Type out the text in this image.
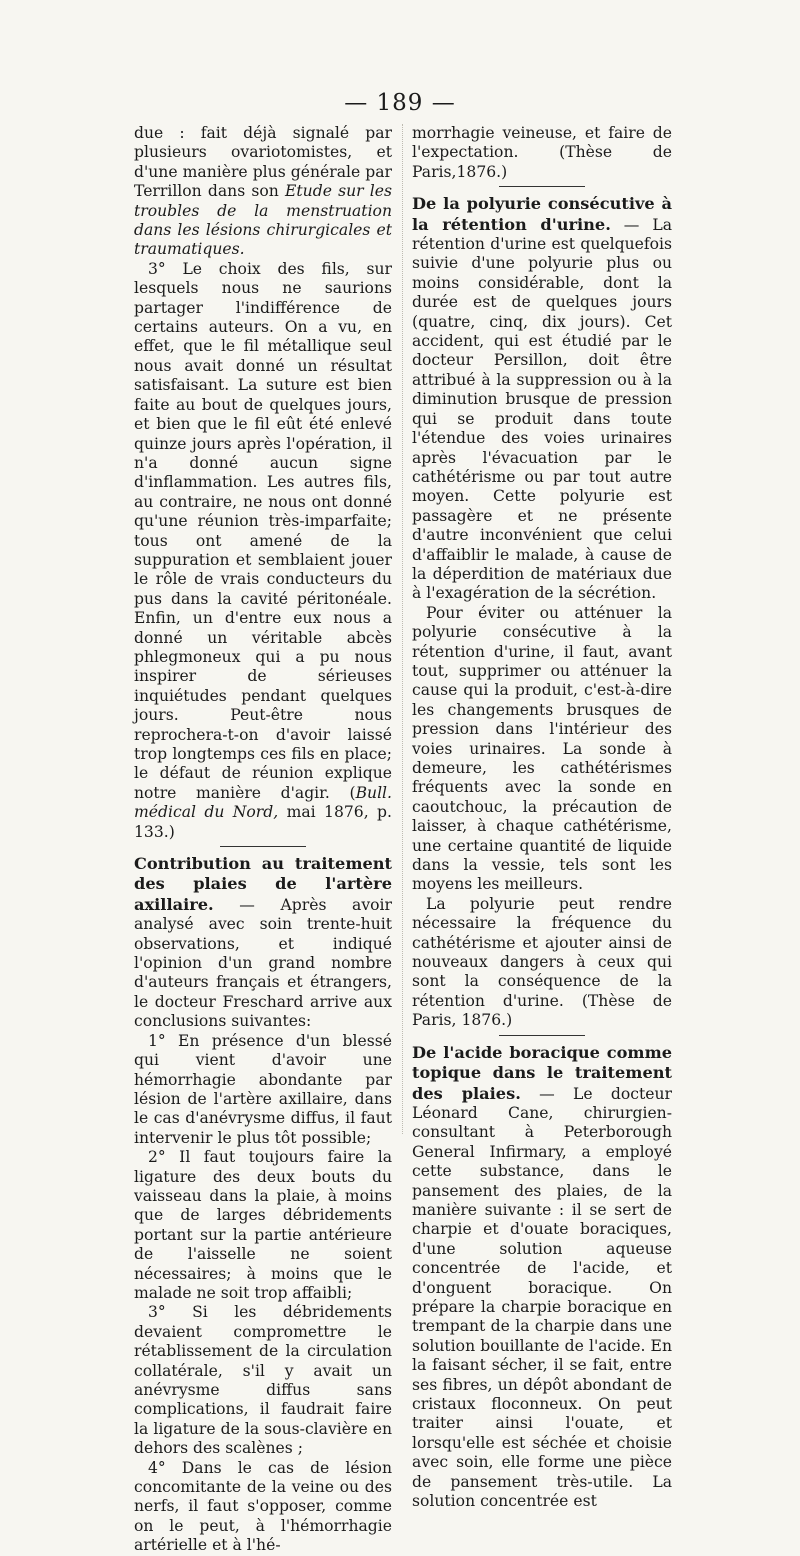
— 189 —

due : fait déjà signalé par plusieurs ovariotomistes, et d'une manière plus générale par Terrillon dans son Etude sur les troubles de la menstruation dans les lésions chirurgicales et traumatiques.

3° Le choix des fils, sur lesquels nous ne saurions partager l'indifférence de certains auteurs. On a vu, en effet, que le fil métallique seul nous avait donné un résultat satisfaisant. La suture est bien faite au bout de quelques jours, et bien que le fil eût été enlevé quinze jours après l'opération, il n'a donné aucun signe d'inflammation. Les autres fils, au contraire, ne nous ont donné qu'une réunion très-imparfaite; tous ont amené de la suppuration et semblaient jouer le rôle de vrais conducteurs du pus dans la cavité péritonéale. Enfin, un d'entre eux nous a donné un véritable abcès phlegmoneux qui a pu nous inspirer de sérieuses inquiétudes pendant quelques jours. Peut-être nous reprochera-t-on d'avoir laissé trop longtemps ces fils en place; le défaut de réunion explique notre manière d'agir. (Bull. médical du Nord, mai 1876, p. 133.)

Contribution au traitement des plaies de l'artère axillaire. — Après avoir analysé avec soin trente-huit observations, et indiqué l'opinion d'un grand nombre d'auteurs français et étrangers, le docteur Freschard arrive aux conclusions suivantes:

1° En présence d'un blessé qui vient d'avoir une hémorrhagie abondante par lésion de l'artère axillaire, dans le cas d'anévrysme diffus, il faut intervenir le plus tôt possible;

2° Il faut toujours faire la ligature des deux bouts du vaisseau dans la plaie, à moins que de larges débridements portant sur la partie antérieure de l'aisselle ne soient nécessaires; à moins que le malade ne soit trop affaibli;

3° Si les débridements devaient compromettre le rétablissement de la circulation collatérale, s'il y avait un anévrysme diffus sans complications, il faudrait faire la ligature de la sous-clavière en dehors des scalènes ;

4° Dans le cas de lésion concomitante de la veine ou des nerfs, il faut s'opposer, comme on le peut, à l'hémorrhagie artérielle et à l'hé-

morrhagie veineuse, et faire de l'expectation. (Thèse de Paris,1876.)

De la polyurie consécutive à la rétention d'urine. — La rétention d'urine est quelquefois suivie d'une polyurie plus ou moins considérable, dont la durée est de quelques jours (quatre, cinq, dix jours). Cet accident, qui est étudié par le docteur Persillon, doit être attribué à la suppression ou à la diminution brusque de pression qui se produit dans toute l'étendue des voies urinaires après l'évacuation par le cathétérisme ou par tout autre moyen. Cette polyurie est passagère et ne présente d'autre inconvénient que celui d'affaiblir le malade, à cause de la déperdition de matériaux due à l'exagération de la sécrétion.

Pour éviter ou atténuer la polyurie consécutive à la rétention d'urine, il faut, avant tout, supprimer ou atténuer la cause qui la produit, c'est-à-dire les changements brusques de pression dans l'intérieur des voies urinaires. La sonde à demeure, les cathétérismes fréquents avec la sonde en caoutchouc, la précaution de laisser, à chaque cathétérisme, une certaine quantité de liquide dans la vessie, tels sont les moyens les meilleurs.

La polyurie peut rendre nécessaire la fréquence du cathétérisme et ajouter ainsi de nouveaux dangers à ceux qui sont la conséquence de la rétention d'urine. (Thèse de Paris, 1876.)

De l'acide boracique comme topique dans le traitement des plaies. — Le docteur Léonard Cane, chirurgien-consultant à Peterborough General Infirmary, a employé cette substance, dans le pansement des plaies, de la manière suivante : il se sert de charpie et d'ouate boraciques, d'une solution aqueuse concentrée de l'acide, et d'onguent boracique. On prépare la charpie boracique en trempant de la charpie dans une solution bouillante de l'acide. En la faisant sécher, il se fait, entre ses fibres, un dépôt abondant de cristaux floconneux. On peut traiter ainsi l'ouate, et lorsqu'elle est séchée et choisie avec soin, elle forme une pièce de pansement très-utile. La solution concentrée est
